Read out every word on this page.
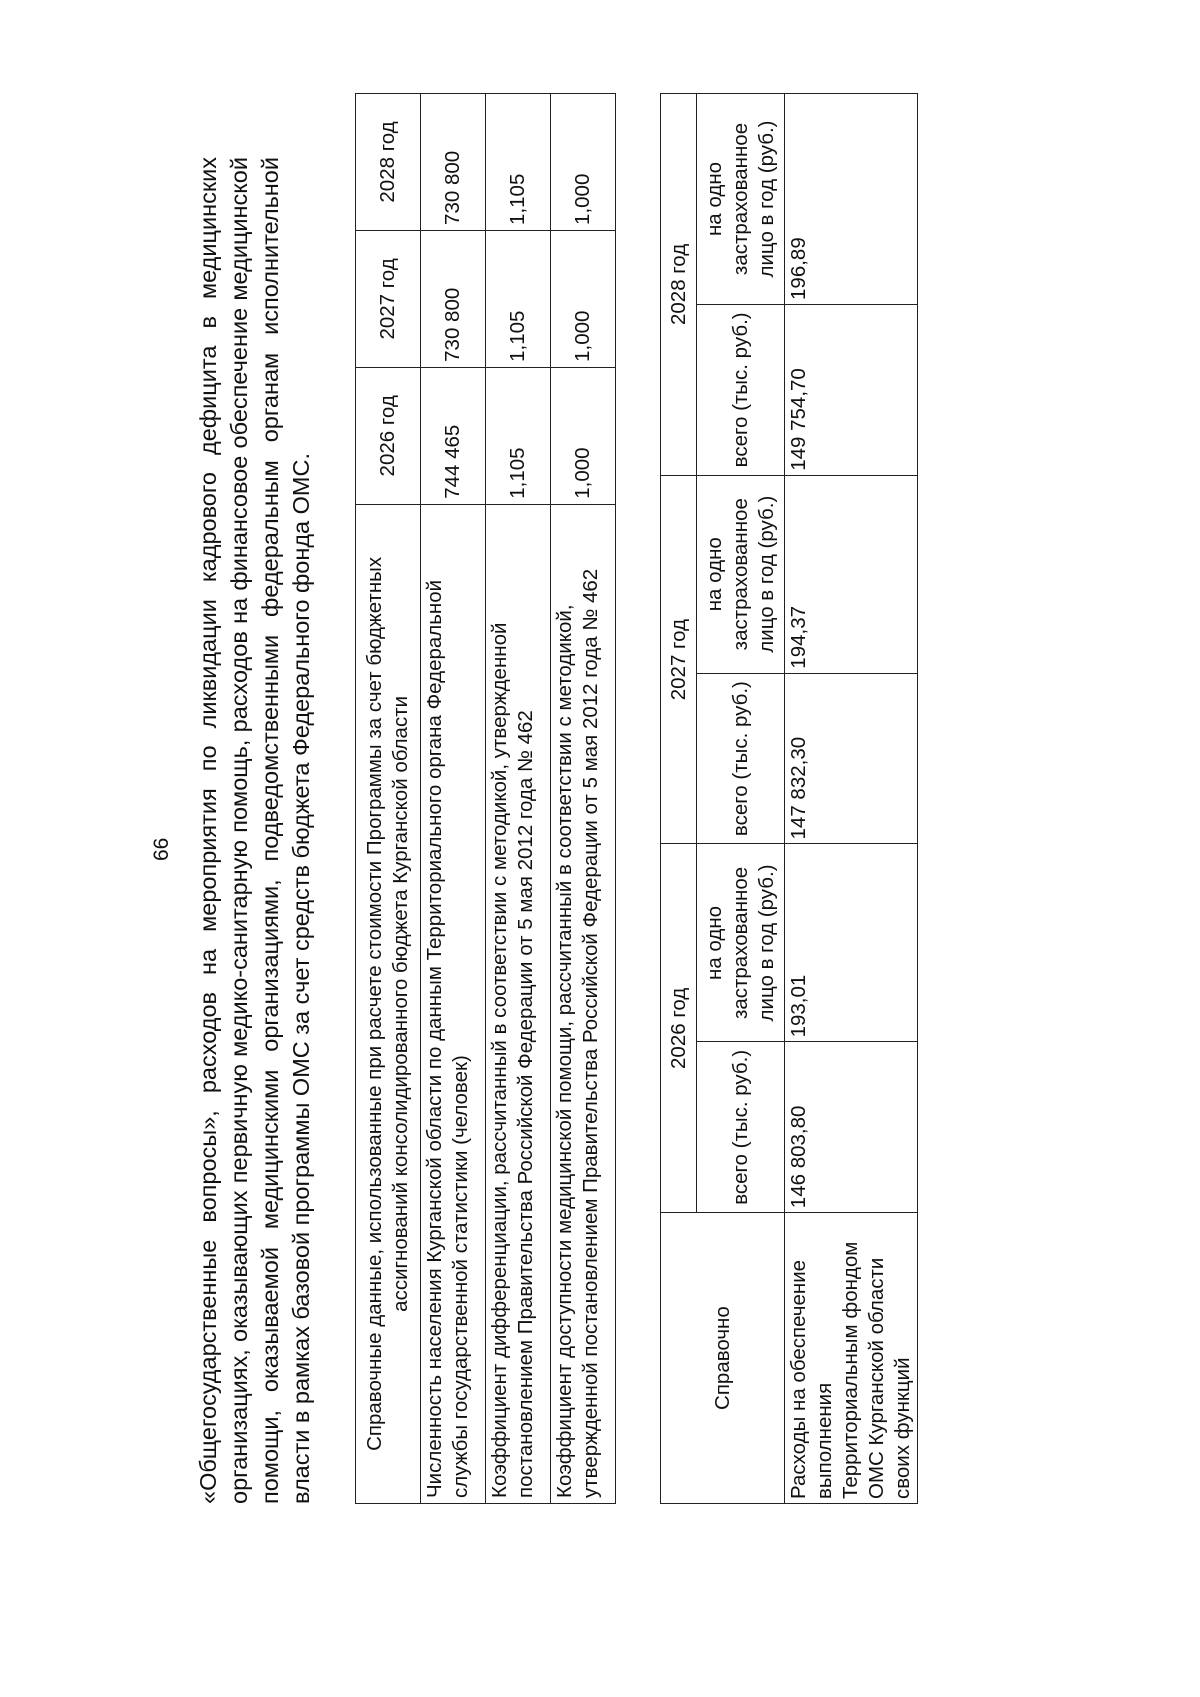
66 «Общегосударственные вопросы», расходов на мероприятия по ликвидации кадрового дефицита в медицинских организациях, оказывающих первичную медико-санитарную помощь, расходов на финансовое обеспечение медицинской помощи, оказываемой медицинскими организациями, подведомственными федеральным органам исполнительной власти в рамках базовой программы ОМС за счет средств бюджета Федерального фонда ОМС. Справочные данные, использованные при расчете стоимости Программы за счет бюджетных ассигнований консолидированного бюджета Курганской области	2026 год	2027 год	2028 год
Численность населения Курганской области по данным Территориального органа Федеральной службы государственной статистики (человек)	744 465	730 800	730 800
Коэффициент дифференциации, рассчитанный в соответствии с методикой, утвержденной постановлением Правительства Российской Федерации от 5 мая 2012 года № 462	1,105	1,105	1,105
Коэффициент доступности медицинской помощи, рассчитанный в соответствии с методикой, утвержденной постановлением Правительства Российской Федерации от 5 мая 2012 года № 462	1,000	1,000	1,000
Справочно	2026 год		2027 год		2028 год	
	всего (тыс. руб.)	на одно застрахованное лицо в год (руб.)	всего (тыс. руб.)	на одно застрахованное лицо в год (руб.)	всего (тыс. руб.)	на одно застрахованное лицо в год (руб.)
Расходы на обеспечение выполнения Территориальным фондом ОМС Курганской области своих функций	146 803,80	193,01	147 832,30	194,37	149 754,70	196,89
